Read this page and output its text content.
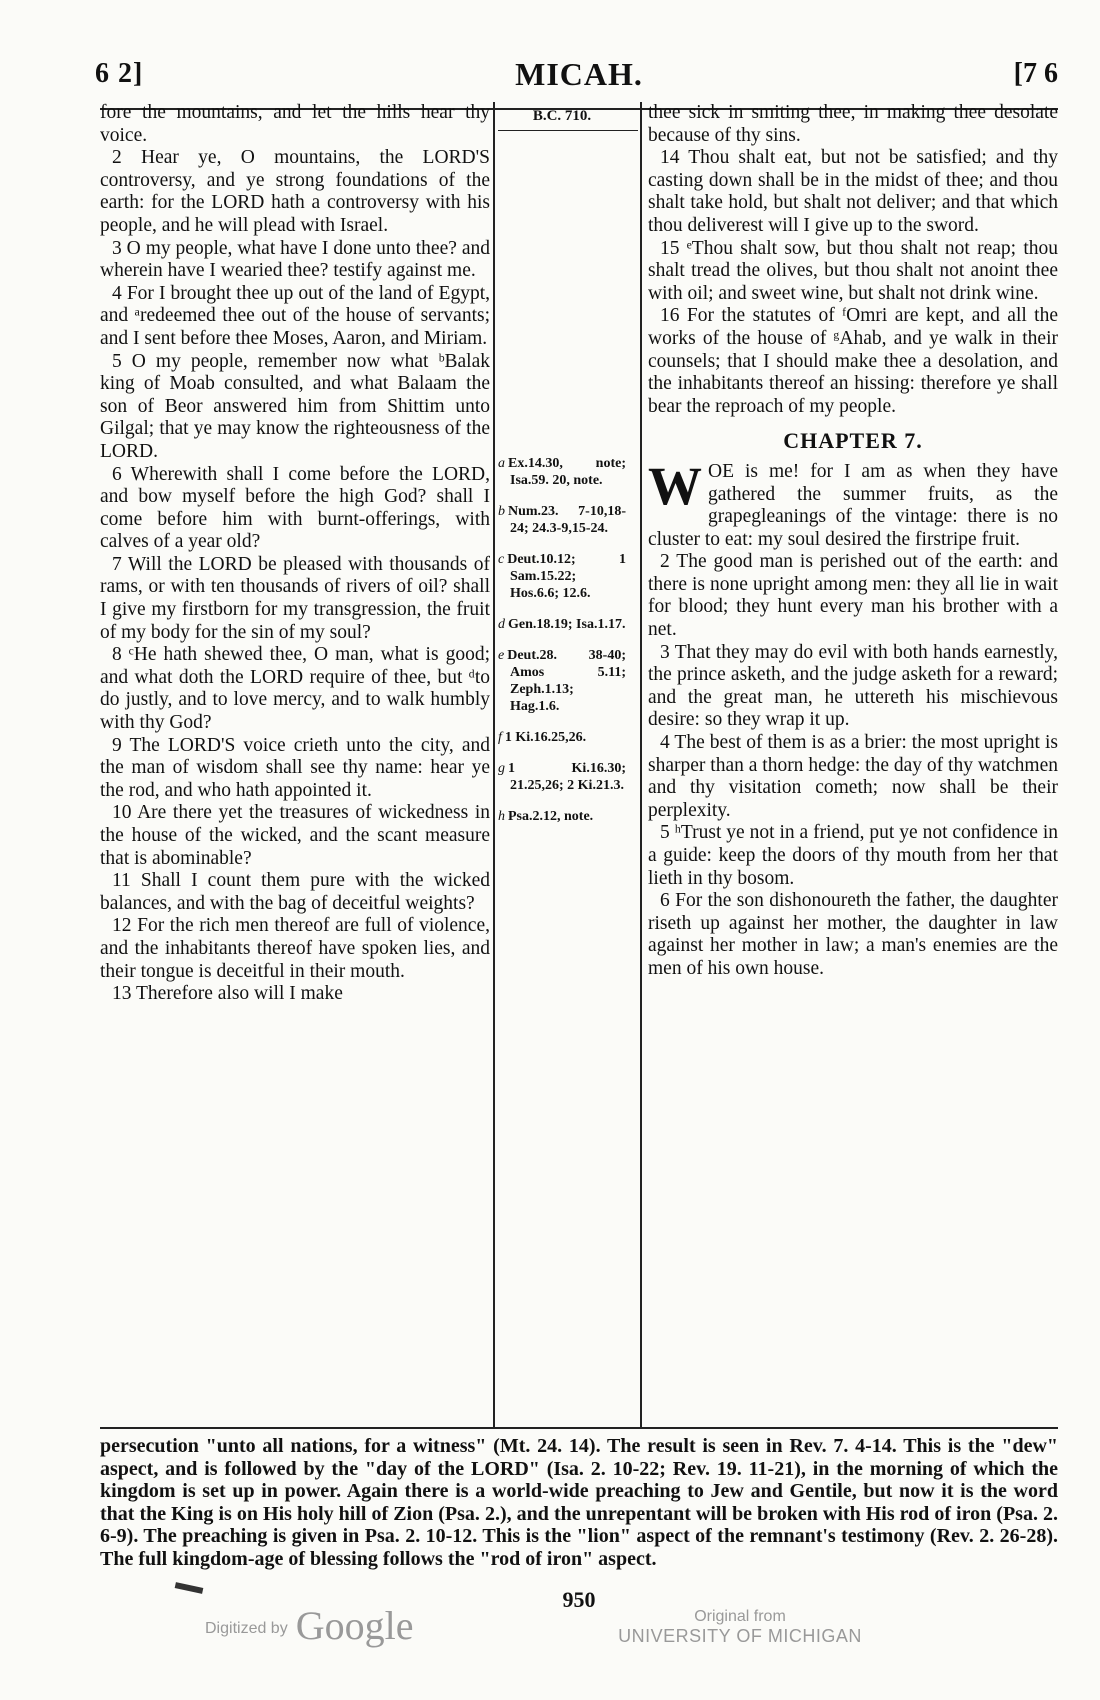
6 2]	MICAH.	[7 6

fore the mountains, and let the hills hear thy voice.

2 Hear ye, O mountains, the LORD'S controversy, and ye strong foundations of the earth: for the LORD hath a controversy with his people, and he will plead with Israel.

3 O my people, what have I done unto thee? and wherein have I wearied thee? testify against me.

4 For I brought thee up out of the land of Egypt, and ᵃredeemed thee out of the house of servants; and I sent before thee Moses, Aaron, and Miriam.

5 O my people, remember now what ᵇBalak king of Moab consulted, and what Balaam the son of Beor answered him from Shittim unto Gilgal; that ye may know the righteousness of the LORD.

6 Wherewith shall I come before the LORD, and bow myself before the high God? shall I come before him with burnt-offerings, with calves of a year old?

7 Will the LORD be pleased with thousands of rams, or with ten thousands of rivers of oil? shall I give my firstborn for my transgression, the fruit of my body for the sin of my soul?

8 ᶜHe hath shewed thee, O man, what is good; and what doth the LORD require of thee, but ᵈto do justly, and to love mercy, and to walk humbly with thy God?

9 The LORD'S voice crieth unto the city, and the man of wisdom shall see thy name: hear ye the rod, and who hath appointed it.

10 Are there yet the treasures of wickedness in the house of the wicked, and the scant measure that is abominable?

11 Shall I count them pure with the wicked balances, and with the bag of deceitful weights?

12 For the rich men thereof are full of violence, and the inhabitants thereof have spoken lies, and their tongue is deceitful in their mouth.

13 Therefore also will I make

B.C. 710.
a Ex.14.30, note; Isa.59. 20, note.
b Num.23. 7-10,18-24; 24.3-9,15-24.
c Deut.10.12; 1 Sam.15.22; Hos.6.6; 12.6.
d Gen.18.19; Isa.1.17.
e Deut.28. 38-40; Amos 5.11; Zeph.1.13; Hag.1.6.
f 1 Ki.16.25,26.
g 1 Ki.16.30; 21.25,26; 2 Ki.21.3.
h Psa.2.12, note.

thee sick in smiting thee, in making thee desolate because of thy sins.

14 Thou shalt eat, but not be satisfied; and thy casting down shall be in the midst of thee; and thou shalt take hold, but shalt not deliver; and that which thou deliverest will I give up to the sword.

15 ᵉThou shalt sow, but thou shalt not reap; thou shalt tread the olives, but thou shalt not anoint thee with oil; and sweet wine, but shalt not drink wine.

16 For the statutes of ᶠOmri are kept, and all the works of the house of ᵍAhab, and ye walk in their counsels; that I should make thee a desolation, and the inhabitants thereof an hissing: therefore ye shall bear the reproach of my people.

CHAPTER 7.
W OE is me! for I am as when they have gathered the summer fruits, as the grapegleanings of the vintage: there is no cluster to eat: my soul desired the firstripe fruit.

2 The good man is perished out of the earth: and there is none upright among men: they all lie in wait for blood; they hunt every man his brother with a net.

3 That they may do evil with both hands earnestly, the prince asketh, and the judge asketh for a reward; and the great man, he uttereth his mischievous desire: so they wrap it up.

4 The best of them is as a brier: the most upright is sharper than a thorn hedge: the day of thy watchmen and thy visitation cometh; now shall be their perplexity.

5 ʰTrust ye not in a friend, put ye not confidence in a guide: keep the doors of thy mouth from her that lieth in thy bosom.

6 For the son dishonoureth the father, the daughter riseth up against her mother, the daughter in law against her mother in law; a man's enemies are the men of his own house.

persecution "unto all nations, for a witness" (Mt. 24. 14). The result is seen in Rev. 7. 4-14. This is the "dew" aspect, and is followed by the "day of the LORD" (Isa. 2. 10-22; Rev. 19. 11-21), in the morning of which the kingdom is set up in power. Again there is a world-wide preaching to Jew and Gentile, but now it is the word that the King is on His holy hill of Zion (Psa. 2.), and the unrepentant will be broken with His rod of iron (Psa. 2. 6-9). The preaching is given in Psa. 2. 10-12. This is the "lion" aspect of the remnant's testimony (Rev. 2. 26-28). The full kingdom-age of blessing follows the "rod of iron" aspect.
950
Digitized by Google	Original from
UNIVERSITY OF MICHIGAN
